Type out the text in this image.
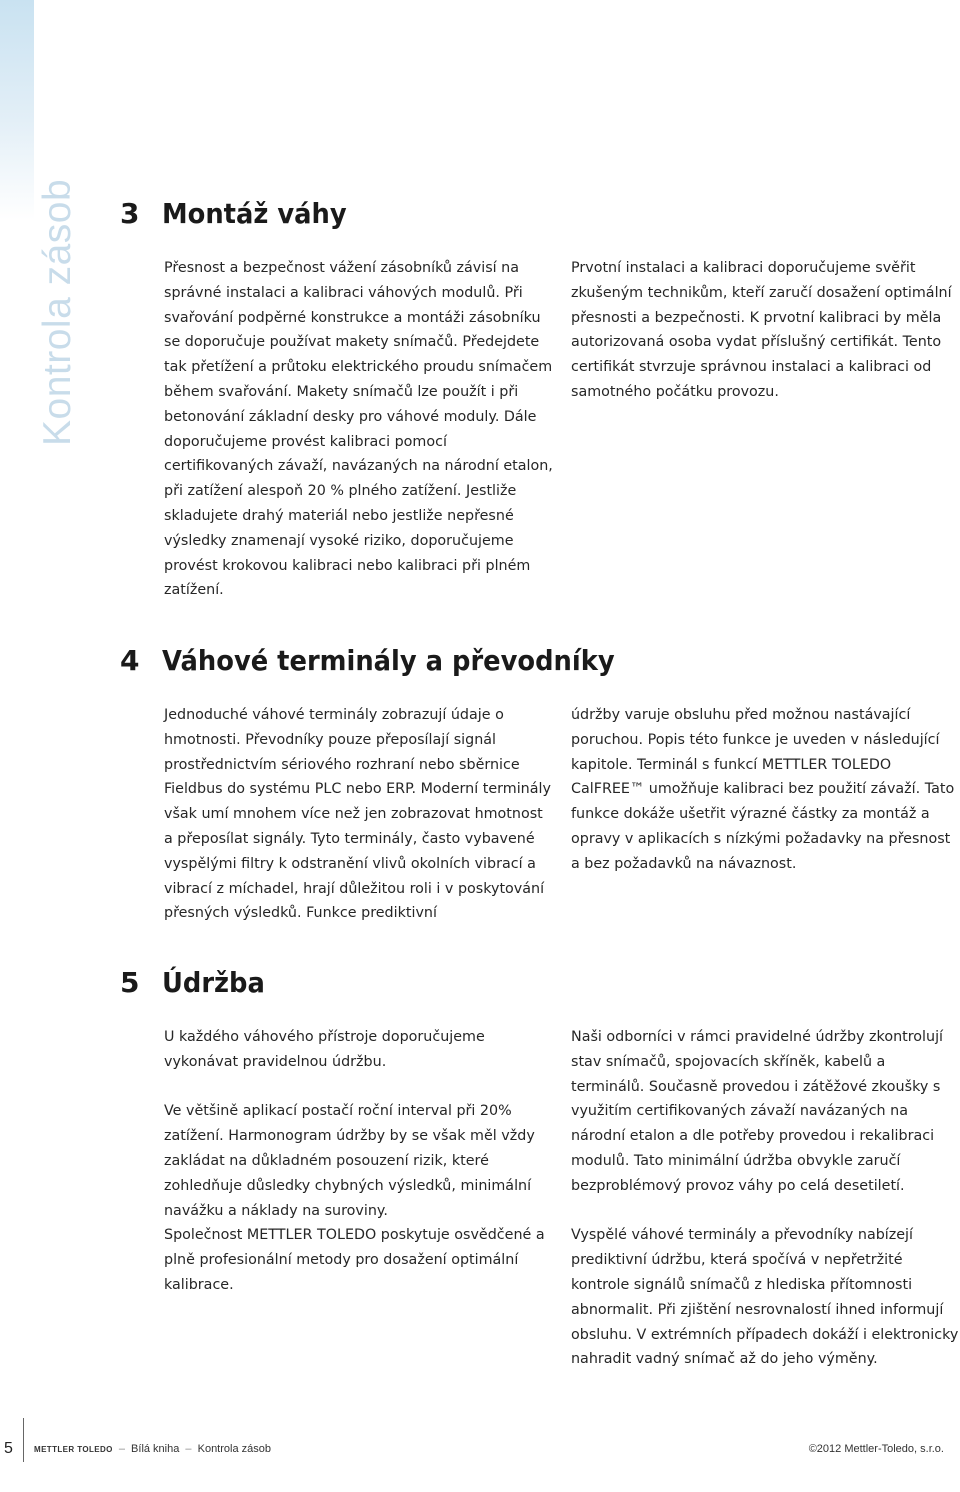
Kontrola zásob 3 Montáž váhy

Přesnost a bezpečnost vážení zásobníků závisí na správné instalaci a kalibraci váhových modulů. Při svařování podpěrné konstrukce a montáži zásobníku se doporučuje používat makety snímačů. Předejdete tak přetížení a průtoku elektrického proudu snímačem během svařování. Makety snímačů lze použít i při betonování základní desky pro váhové moduly. Dále doporučujeme provést kalibraci pomocí certifikovaných závaží, navázaných na národní etalon, při zatížení alespoň 20 % plného zatížení. Jestliže skladujete drahý materiál nebo jestliže nepřesné výsledky znamenají vysoké riziko, doporučujeme provést krokovou kalibraci nebo kalibraci při plném zatížení.

Prvotní instalaci a kalibraci doporučujeme svěřit zkušeným technikům, kteří zaručí dosažení optimální přesnosti a bezpečnosti. K prvotní kalibraci by měla autorizovaná osoba vydat příslušný certifikát. Tento certifikát stvrzuje správnou instalaci a kalibraci od samotného počátku provozu.

4 Váhové terminály a převodníky

Jednoduché váhové terminály zobrazují údaje o hmotnosti. Převodníky pouze přeposílají signál prostřednictvím sériového rozhraní nebo sběrnice Fieldbus do systému PLC nebo ERP. Moderní terminály však umí mnohem více než jen zobrazovat hmotnost a přeposílat signály. Tyto terminály, často vybavené vyspělými filtry k odstranění vlivů okolních vibrací a vibrací z míchadel, hrají důležitou roli i v poskytování přesných výsledků. Funkce prediktivní

údržby varuje obsluhu před možnou nastávající poruchou. Popis této funkce je uveden v následující kapitole. Terminál s funkcí METTLER TOLEDO CalFREE™ umožňuje kalibraci bez použití závaží. Tato funkce dokáže ušetřit výrazné částky za montáž a opravy v aplikacích s nízkými požadavky na přesnost a bez požadavků na návaznost.

5 Údržba

U každého váhového přístroje doporučujeme vykonávat pravidelnou údržbu.

Ve většině aplikací postačí roční interval při 20% zatížení. Harmonogram údržby by se však měl vždy zakládat na důkladném posouzení rizik, které zohledňuje důsledky chybných výsledků, minimální navážku a náklady na suroviny.

Společnost METTLER TOLEDO poskytuje osvědčené a plně profesionální metody pro dosažení optimální kalibrace.

Naši odborníci v rámci pravidelné údržby zkontrolují stav snímačů, spojovacích skříněk, kabelů a terminálů. Současně provedou i zátěžové zkoušky s využitím certifikovaných závaží navázaných na národní etalon a dle potřeby provedou i rekalibraci modulů. Tato minimální údržba obvykle zaručí bezproblémový provoz váhy po celá desetiletí.

Vyspělé váhové terminály a převodníky nabízejí prediktivní údržbu, která spočívá v nepřetržité kontrole signálů snímačů z hlediska přítomnosti abnormalit. Při zjištění nesrovnalostí ihned informují obsluhu. V extrémních případech dokáží i elektronicky nahradit vadný snímač až do jeho výměny.

5	METTLER TOLEDO – Bílá kniha – Kontrola zásob	©2012 Mettler-Toledo, s.r.o.
